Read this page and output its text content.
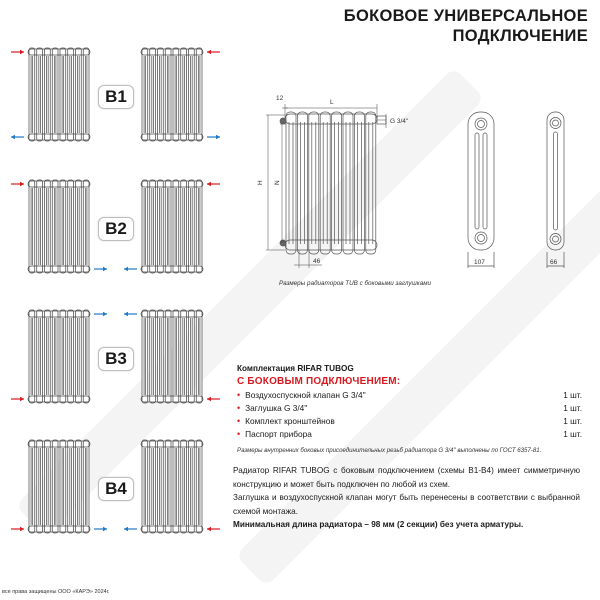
БОКОВОЕ УНИВЕРСАЛЬНОЕ
ПОДКЛЮЧЕНИЕ
B1
B2
B3
B4
12
L
G 3/4''
H N
46	107	66
Размеры радиаторов TUB с боковыми заглушками
Комплектация RIFAR TUBOG
С БОКОВЫМ ПОДКЛЮЧЕНИЕМ:
• Воздухоспускной клапан G 3/4''	1 шт.
• Заглушка G 3/4''	1 шт.
• Комплект кронштейнов	1 шт.
• Паспорт прибора	1 шт.
Размеры внутренних боковых присоединительных резьб радиатора G 3/4'' выполнены по ГОСТ 6357-81.

Радиатор RIFAR TUBOG с боковым подключением (схемы B1-B4) имеет симметричную конструкцию и может быть подключен по любой из схем.

Заглушка и воздухоспускной клапан могут быть перенесены в соответствии с выбранной схемой монтажа.

Минимальная длина радиатора – 98 мм (2 секции) без учета арматуры.

все права защищены ООО «КАРЭ» 2024г.
